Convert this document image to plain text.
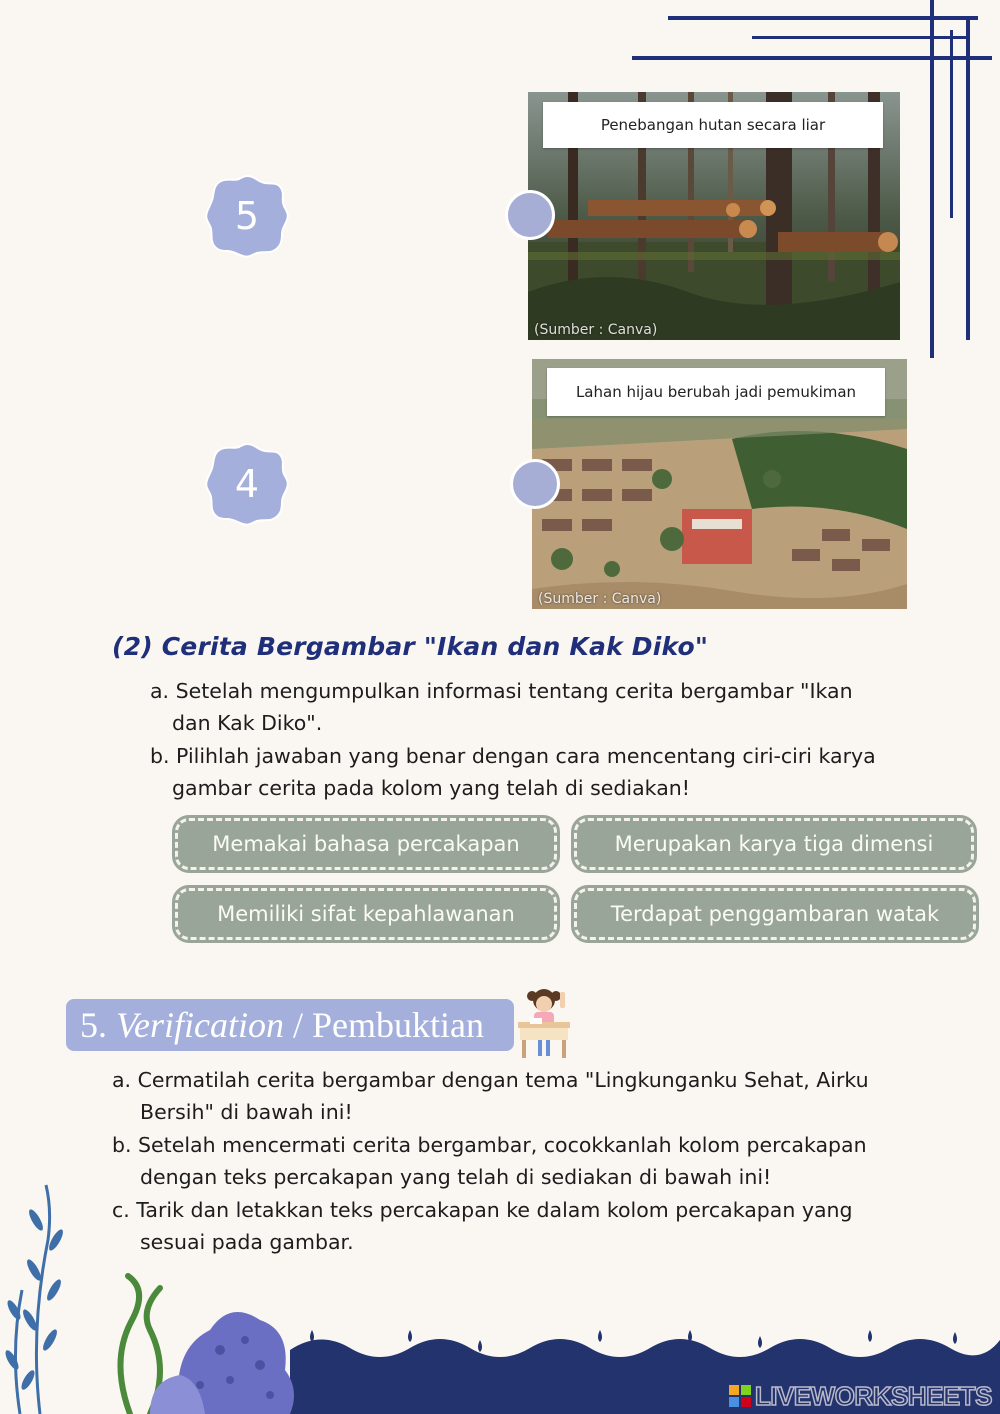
5
4
Penebangan hutan secara liar
(Sumber : Canva)
Lahan hijau berubah jadi pemukiman
(Sumber : Canva)
(2) Cerita Bergambar "Ikan dan Kak Diko"
a. Setelah mengumpulkan informasi tentang cerita bergambar "Ikan
dan Kak Diko".
b. Pilihlah jawaban yang benar dengan cara mencentang ciri-ciri karya
gambar cerita pada kolom yang telah di sediakan!
Memakai bahasa percakapan	Merupakan karya tiga dimensi
Memiliki sifat kepahlawanan	Terdapat penggambaran watak
5.
Verification
/ Pembuktian
a. Cermatilah cerita bergambar dengan tema "Lingkunganku Sehat, Airku
Bersih" di bawah ini!
b. Setelah mencermati cerita bergambar, cocokkanlah kolom percakapan
dengan teks percakapan yang telah di sediakan di bawah ini!
c. Tarik dan letakkan teks percakapan ke dalam kolom percakapan yang
sesuai pada gambar.
LIVEWORKSHEETS
